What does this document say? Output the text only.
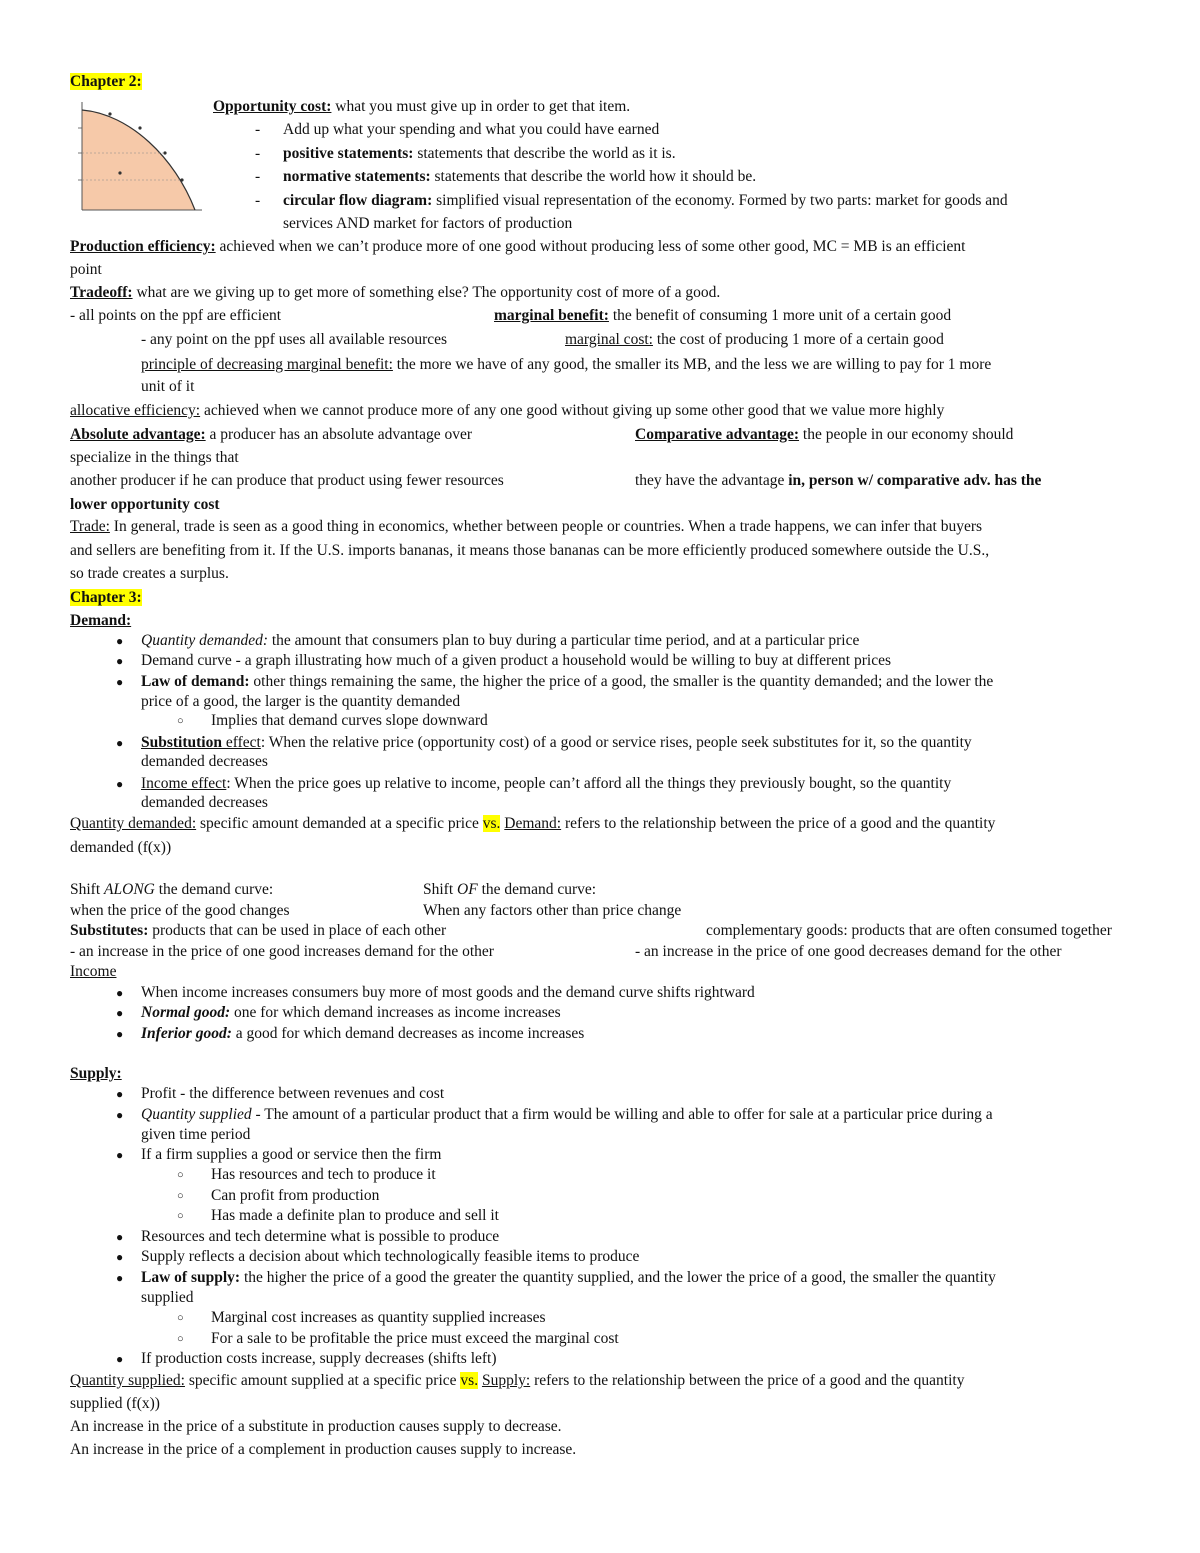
Chapter 2:
Opportunity cost: what you must give up in order to get that item.
- Add up what your spending and what you could have earned
- positive statements: statements that describe the world as it is.
- normative statements: statements that describe the world how it should be.
- circular flow diagram: simplified visual representation of the economy. Formed by two parts: market for goods and
services AND market for factors of production
Production efficiency: achieved when we can’t produce more of one good without producing less of some other good, MC = MB is an efficient
point
Tradeoff: what are we giving up to get more of something else? The opportunity cost of more of a good.
- all points on the ppf are efficient	marginal benefit: the benefit of consuming 1 more unit of a certain good
- any point on the ppf uses all available resources	marginal cost: the cost of producing 1 more of a certain good
principle of decreasing marginal benefit: the more we have of any good, the smaller its MB, and the less we are willing to pay for 1 more
unit of it
allocative efficiency: achieved when we cannot produce more of any one good without giving up some other good that we value more highly
Absolute advantage: a producer has an absolute advantage over	Comparative advantage: the people in our economy should
specialize in the things that
another producer if he can produce that product using fewer resources	they have the advantage in, person w/ comparative adv. has the
lower opportunity cost
Trade: In general, trade is seen as a good thing in economics, whether between people or countries. When a trade happens, we can infer that buyers
and sellers are benefiting from it. If the U.S. imports bananas, it means those bananas can be more efficiently produced somewhere outside the U.S.,
so trade creates a surplus.
Chapter 3:
Demand:
● Quantity demanded: the amount that consumers plan to buy during a particular time period, and at a particular price
● Demand curve - a graph illustrating how much of a given product a household would be willing to buy at different prices
● Law of demand: other things remaining the same, the higher the price of a good, the smaller is the quantity demanded; and the lower the
price of a good, the larger is the quantity demanded
○ Implies that demand curves slope downward
● Substitution effect: When the relative price (opportunity cost) of a good or service rises, people seek substitutes for it, so the quantity
demanded decreases
● Income effect: When the price goes up relative to income, people can’t afford all the things they previously bought, so the quantity
demanded decreases
Quantity demanded: specific amount demanded at a specific price vs. Demand: refers to the relationship between the price of a good and the quantity
demanded (f(x))
Shift ALONG the demand curve:	Shift OF the demand curve:
when the price of the good changes	When any factors other than price change
Substitutes: products that can be used in place of each other	complementary goods: products that are often consumed together
- an increase in the price of one good increases demand for the other	- an increase in the price of one good decreases demand for the other
Income
● When income increases consumers buy more of most goods and the demand curve shifts rightward
● Normal good: one for which demand increases as income increases
● Inferior good: a good for which demand decreases as income increases
Supply:
● Profit - the difference between revenues and cost
● Quantity supplied - The amount of a particular product that a firm would be willing and able to offer for sale at a particular price during a
given time period
● If a firm supplies a good or service then the firm
○ Has resources and tech to produce it
○ Can profit from production
○ Has made a definite plan to produce and sell it
● Resources and tech determine what is possible to produce
● Supply reflects a decision about which technologically feasible items to produce
● Law of supply: the higher the price of a good the greater the quantity supplied, and the lower the price of a good, the smaller the quantity
supplied
○ Marginal cost increases as quantity supplied increases
○ For a sale to be profitable the price must exceed the marginal cost
● If production costs increase, supply decreases (shifts left)
Quantity supplied: specific amount supplied at a specific price vs. Supply: refers to the relationship between the price of a good and the quantity
supplied (f(x))
An increase in the price of a substitute in production causes supply to decrease.
An increase in the price of a complement in production causes supply to increase.
